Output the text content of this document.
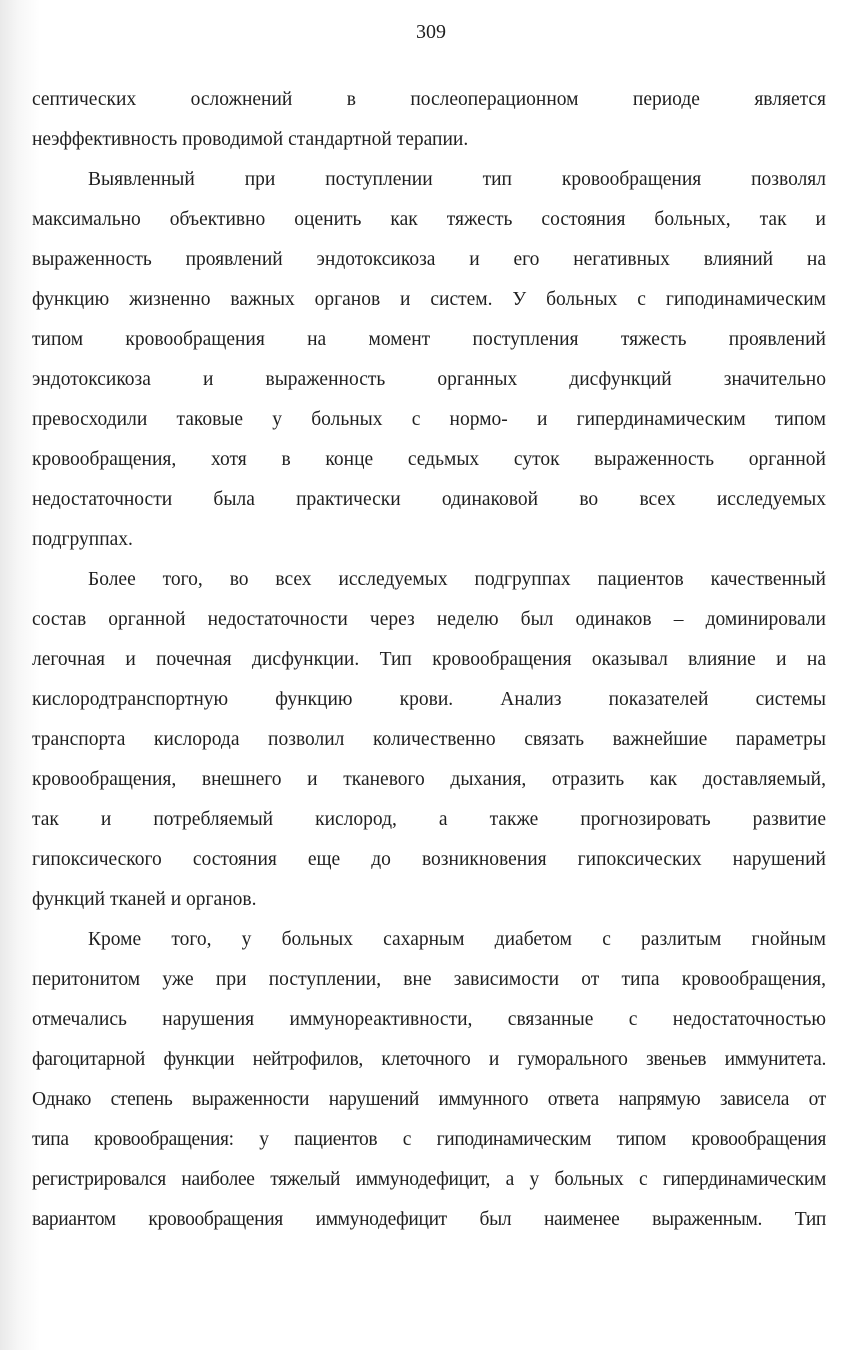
309
септических осложнений в послеоперационном периоде является
неэффективность проводимой стандартной терапии.
Выявленный при поступлении тип кровообращения позволял
максимально объективно оценить как тяжесть состояния больных, так и
выраженность проявлений эндотоксикоза и его негативных влияний на
функцию жизненно важных органов и систем. У больных с гиподинамическим
типом кровообращения на момент поступления тяжесть проявлений
эндотоксикоза и выраженность органных дисфункций значительно
превосходили таковые у больных с нормо- и гипердинамическим типом
кровообращения, хотя в конце седьмых суток выраженность органной
недостаточности была практически одинаковой во всех исследуемых
подгруппах.
Более того, во всех исследуемых подгруппах пациентов качественный
состав органной недостаточности через неделю был одинаков – доминировали
легочная и почечная дисфункции. Тип кровообращения оказывал влияние и на
кислородтранспортную функцию крови. Анализ показателей системы
транспорта кислорода позволил количественно связать важнейшие параметры
кровообращения, внешнего и тканевого дыхания, отразить как доставляемый,
так и потребляемый кислород, а также прогнозировать развитие
гипоксического состояния еще до возникновения гипоксических нарушений
функций тканей и органов.
Кроме того, у больных сахарным диабетом с разлитым гнойным
перитонитом уже при поступлении, вне зависимости от типа кровообращения,
отмечались нарушения иммунореактивности, связанные с недостаточностью
фагоцитарной функции нейтрофилов, клеточного и гуморального звеньев иммунитета.
Однако степень выраженности нарушений иммунного ответа напрямую зависела от
типа кровообращения: у пациентов с гиподинамическим типом кровообращения
регистрировался наиболее тяжелый иммунодефицит, а у больных с гипердинамическим
вариантом кровообращения иммунодефицит был наименее выраженным. Тип
